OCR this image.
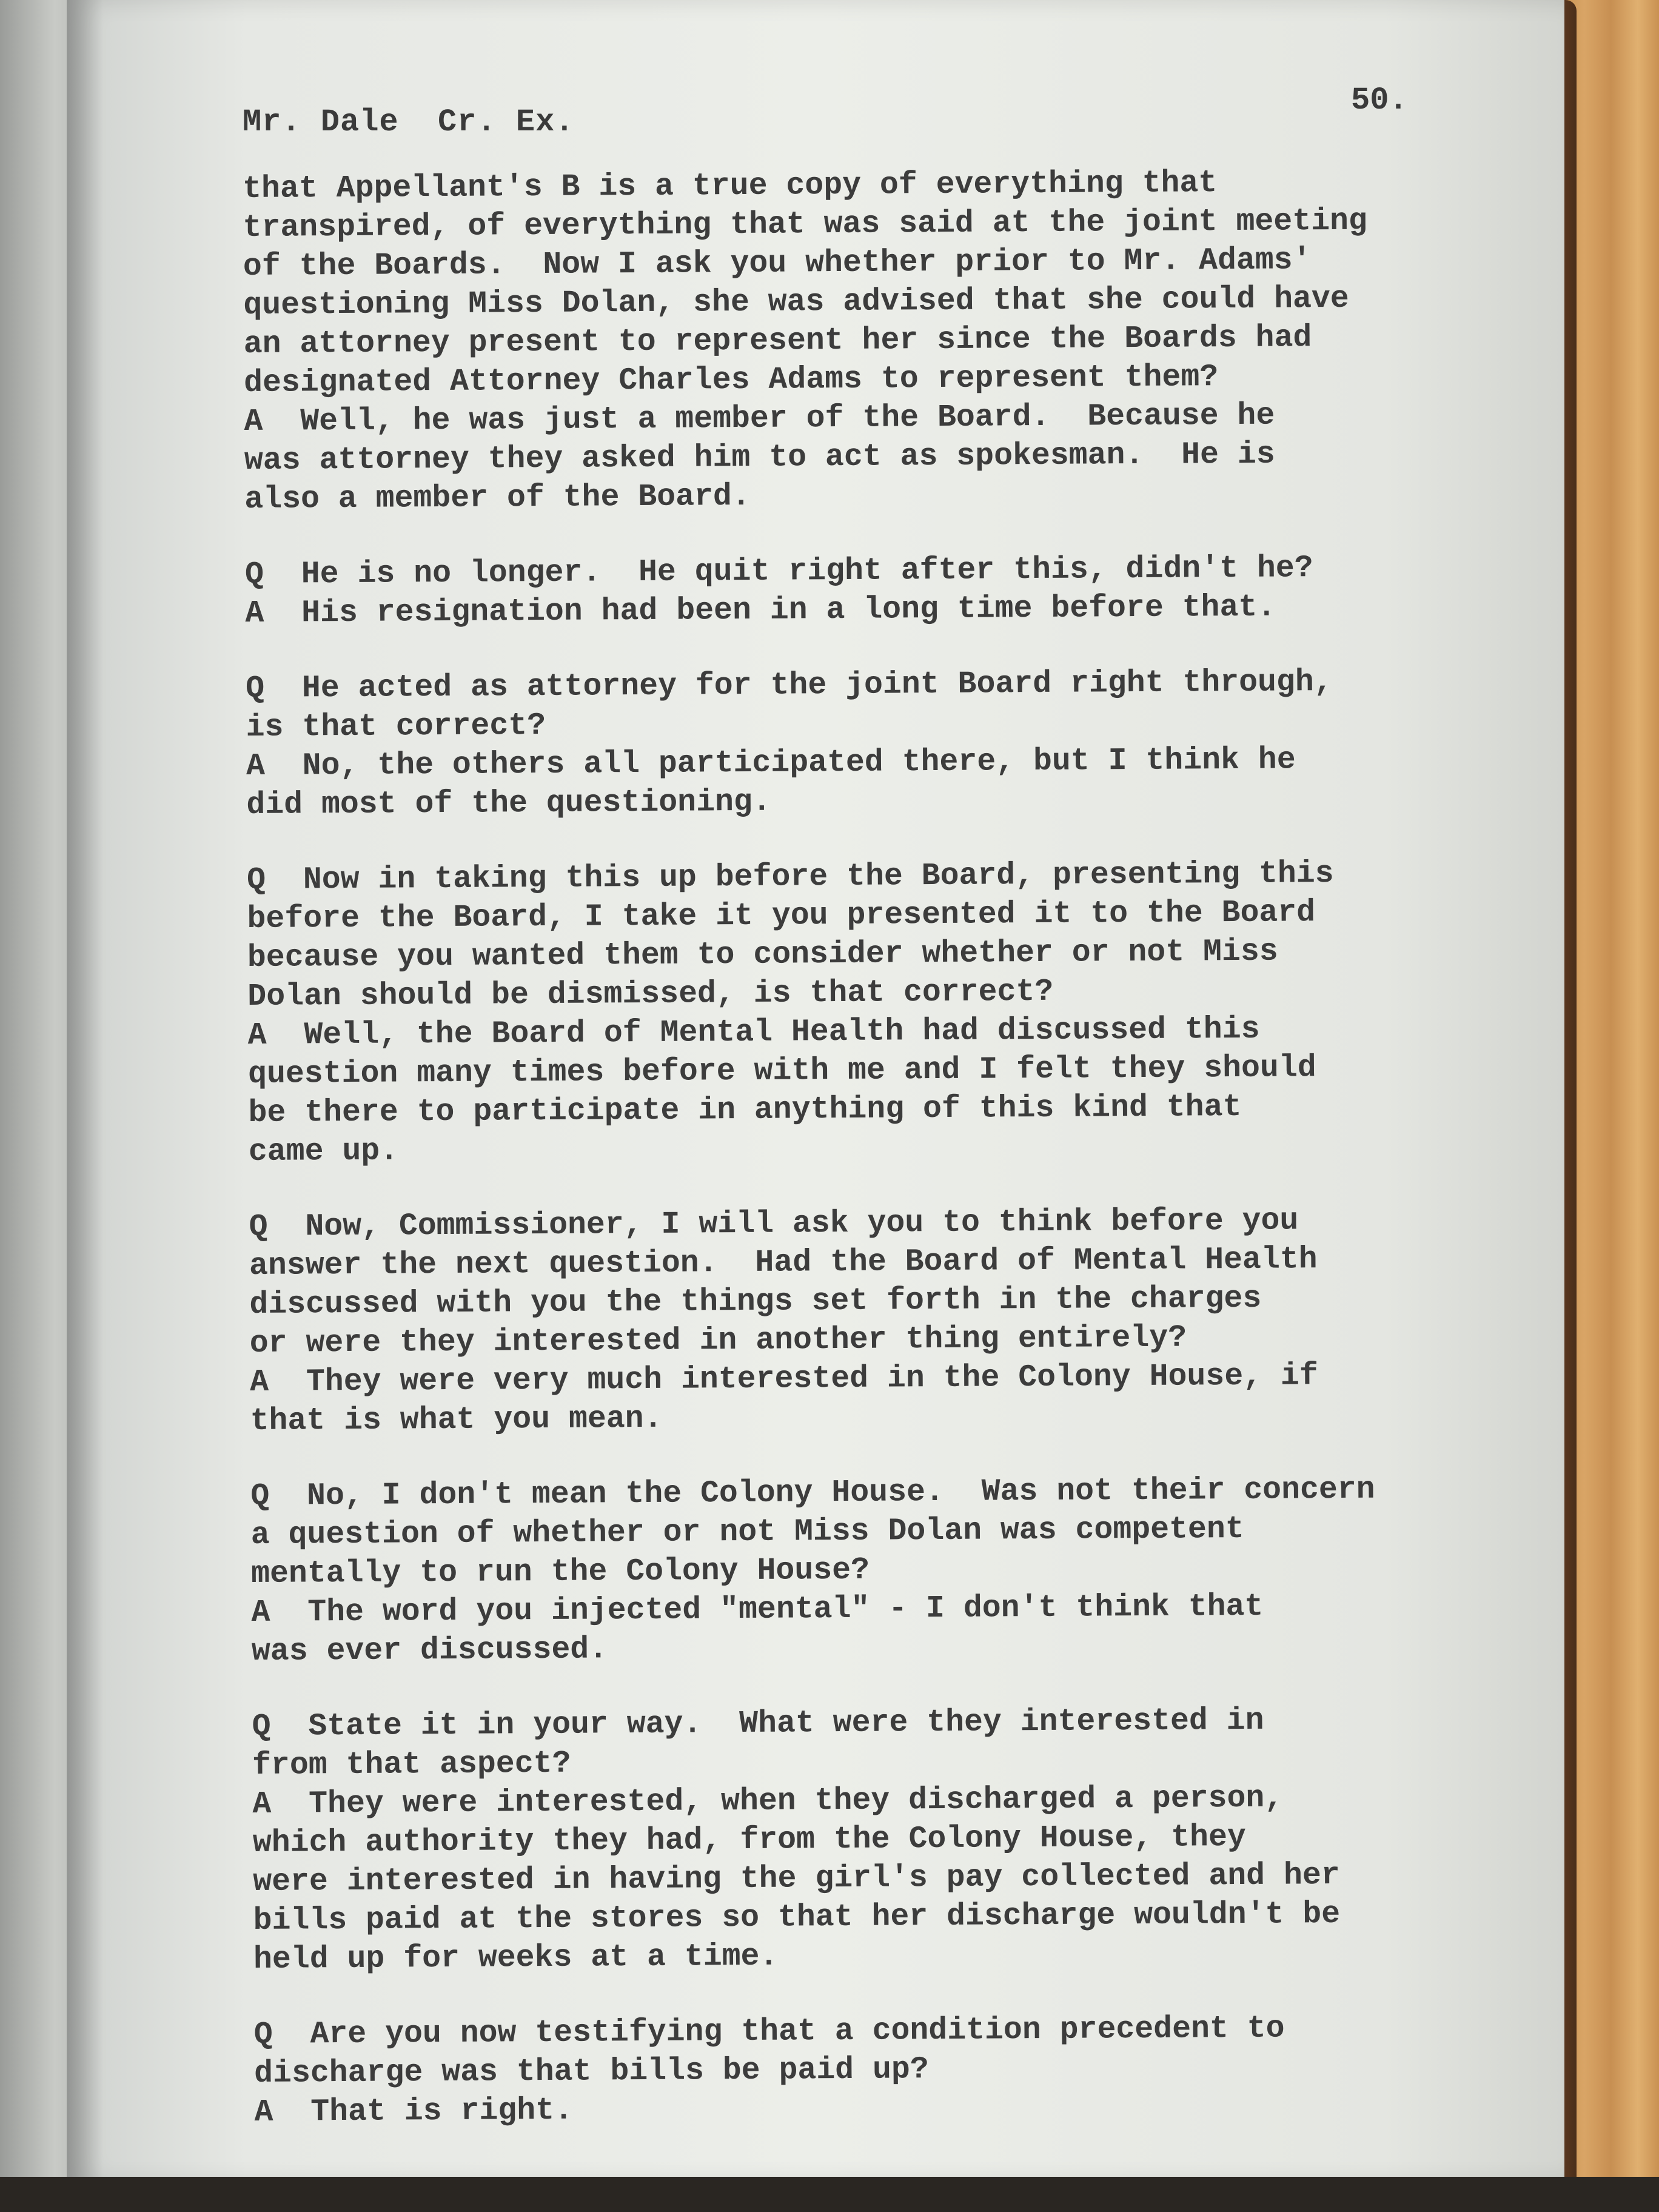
Mr. Dale  Cr. Ex.
50.
that Appellant's B is a true copy of everything that
transpired, of everything that was said at the joint meeting
of the Boards.  Now I ask you whether prior to Mr. Adams'
questioning Miss Dolan, she was advised that she could have
an attorney present to represent her since the Boards had
designated Attorney Charles Adams to represent them?
A  Well, he was just a member of the Board.  Because he
was attorney they asked him to act as spokesman.  He is
also a member of the Board.
Q  He is no longer.  He quit right after this, didn't he?
A  His resignation had been in a long time before that.
Q  He acted as attorney for the joint Board right through,
is that correct?
A  No, the others all participated there, but I think he
did most of the questioning.
Q  Now in taking this up before the Board, presenting this
before the Board, I take it you presented it to the Board
because you wanted them to consider whether or not Miss
Dolan should be dismissed, is that correct?
A  Well, the Board of Mental Health had discussed this
question many times before with me and I felt they should
be there to participate in anything of this kind that
came up.
Q  Now, Commissioner, I will ask you to think before you
answer the next question.  Had the Board of Mental Health
discussed with you the things set forth in the charges
or were they interested in another thing entirely?
A  They were very much interested in the Colony House, if
that is what you mean.
Q  No, I don't mean the Colony House.  Was not their concern
a question of whether or not Miss Dolan was competent
mentally to run the Colony House?
A  The word you injected "mental" - I don't think that
was ever discussed.
Q  State it in your way.  What were they interested in
from that aspect?
A  They were interested, when they discharged a person,
which authority they had, from the Colony House, they
were interested in having the girl's pay collected and her
bills paid at the stores so that her discharge wouldn't be
held up for weeks at a time.
Q  Are you now testifying that a condition precedent to
discharge was that bills be paid up?
A  That is right.
